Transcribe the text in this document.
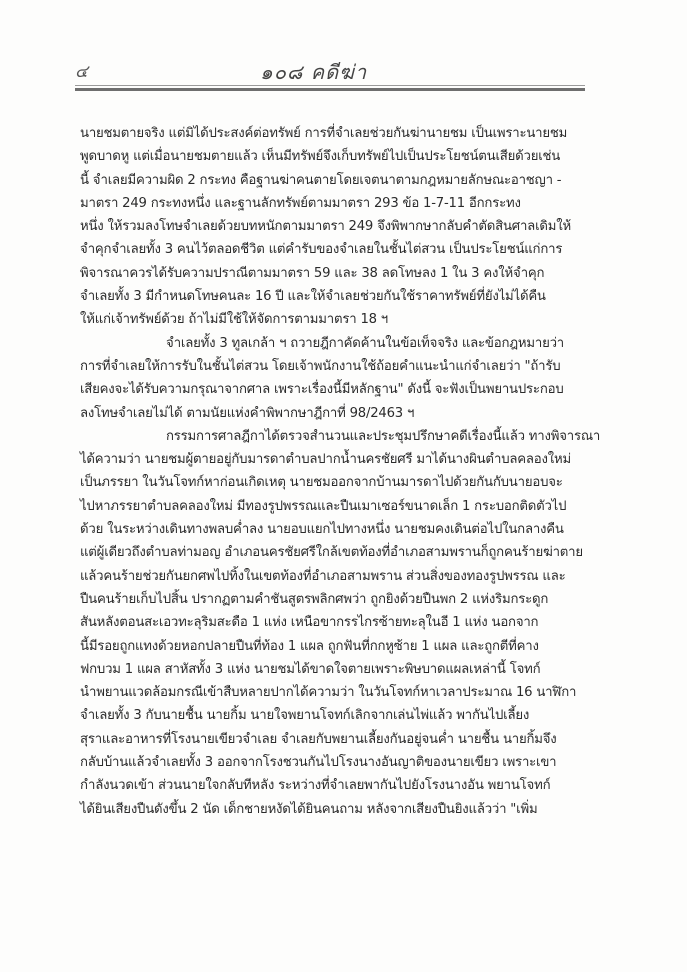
๔	๑๐๘ คดีฆ่า
นายชมตายจริง แต่มิได้ประสงค์ต่อทรัพย์ การที่จำเลยช่วยกันฆ่านายชม เป็นเพราะนายชม
พูดบาดหู แต่เมื่อนายชมตายแล้ว เห็นมีทรัพย์จึงเก็บทรัพย์ไปเป็นประโยชน์ตนเสียด้วยเช่น
นี้ จำเลยมีความผิด 2 กระทง คือฐานฆ่าคนตายโดยเจตนาตามกฎหมายลักษณะอาชญา -
มาตรา 249 กระทงหนึ่ง และฐานลักทรัพย์ตามมาตรา 293 ข้อ 1-7-11 อีกกระทง
หนึ่ง ให้รวมลงโทษจำเลยด้วยบทหนักตามมาตรา 249 จึงพิพากษากลับคำตัดสินศาลเดิมให้
จำคุกจำเลยทั้ง 3 คนไว้ตลอดชีวิต แต่คำรับของจำเลยในชั้นไต่สวน เป็นประโยชน์แก่การ
พิจารณาควรได้รับความปราณีตามมาตรา 59 และ 38 ลดโทษลง 1 ใน 3 คงให้จำคุก
จำเลยทั้ง 3 มีกำหนดโทษคนละ 16 ปี และให้จำเลยช่วยกันใช้ราคาทรัพย์ที่ยังไม่ได้คืน
ให้แก่เจ้าทรัพย์ด้วย ถ้าไม่มีใช้ให้จัดการตามมาตรา 18 ฯ
จำเลยทั้ง 3 ทูลเกล้า ฯ ถวายฎีกาคัดค้านในข้อเท็จจริง และข้อกฎหมายว่า
การที่จำเลยให้การรับในชั้นไต่สวน โดยเจ้าพนักงานใช้ถ้อยคำแนะนำแก่จำเลยว่า "ถ้ารับ
เสียคงจะได้รับความกรุณาจากศาล เพราะเรื่องนี้มีหลักฐาน" ดังนี้ จะฟังเป็นพยานประกอบ
ลงโทษจำเลยไม่ได้ ตามนัยแห่งคำพิพากษาฎีกาที่ 98/2463 ฯ
กรรมการศาลฎีกาได้ตรวจสำนวนและประชุมปรึกษาคดีเรื่องนี้แล้ว ทางพิจารณา
ได้ความว่า นายชมผู้ตายอยู่กับมารดาตำบลปากน้ำนครชัยศรี มาได้นางผินตำบลคลองใหม่
เป็นภรรยา ในวันโจทก์หาก่อนเกิดเหตุ นายชมออกจากบ้านมารดาไปด้วยกันกับนายอบจะ
ไปหาภรรยาตำบลคลองใหม่ มีทองรูปพรรณและปืนเมาเซอร์ขนาดเล็ก 1 กระบอกติดตัวไป
ด้วย ในระหว่างเดินทางพลบค่ำลง นายอบแยกไปทางหนึ่ง นายชมคงเดินต่อไปในกลางคืน
แต่ผู้เดียวถึงตำบลท่ามอญ อำเภอนครชัยศรีใกล้เขตท้องที่อำเภอสามพรานก็ถูกคนร้ายฆ่าตาย
แล้วคนร้ายช่วยกันยกศพไปทิ้งในเขตท้องที่อำเภอสามพราน ส่วนสิ่งของทองรูปพรรณ และ
ปืนคนร้ายเก็บไปสิ้น ปรากฏตามคำชันสูตรพลิกศพว่า ถูกยิงด้วยปืนพก 2 แห่งริมกระดูก
สันหลังตอนสะเอวทะลุริมสะดือ 1 แห่ง เหนือขากรรไกรซ้ายทะลุในอี 1 แห่ง นอกจาก
นี้มีรอยถูกแทงด้วยหอกปลายปืนที่ท้อง 1 แผล ถูกฟันที่กกหูซ้าย 1 แผล และถูกตีที่คาง
ฟกบวม 1 แผล สาหัสทั้ง 3 แห่ง นายชมได้ขาดใจตายเพราะพิษบาดแผลเหล่านี้ โจทก์
นำพยานแวดล้อมกรณีเข้าสืบหลายปากได้ความว่า ในวันโจทก์หาเวลาประมาณ 16 นาฬิกา
จำเลยทั้ง 3 กับนายชื้น นายกิ้ม นายใจพยานโจทก์เลิกจากเล่นไพ่แล้ว พากันไปเลี้ยง
สุราและอาหารที่โรงนายเขียวจำเลย จำเลยกับพยานเลี้ยงกันอยู่จนค่ำ นายชื้น นายกิ้มจึง
กลับบ้านแล้วจำเลยทั้ง 3 ออกจากโรงชวนกันไปโรงนางอันญาติของนายเขียว เพราะเขา
กำลังนวดเข้า ส่วนนายใจกลับทีหลัง ระหว่างที่จำเลยพากันไปยังโรงนางอัน พยานโจทก์
ได้ยินเสียงปืนดังขึ้น 2 นัด เด็กชายหงัดได้ยินคนถาม หลังจากเสียงปืนยิงแล้วว่า "เพิ่ม
